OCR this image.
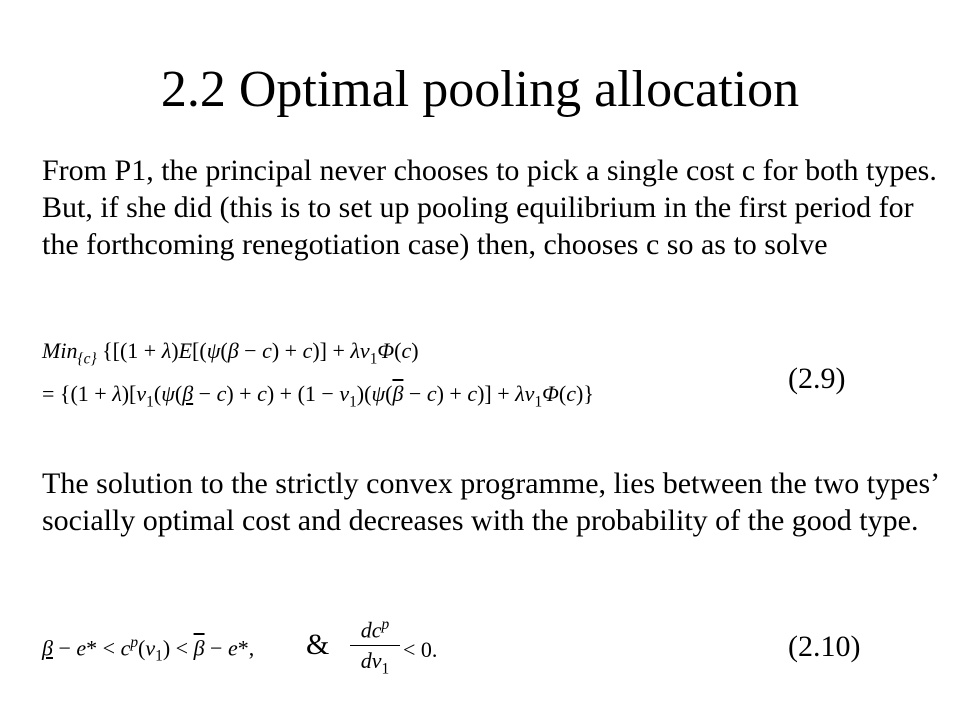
2.2 Optimal pooling allocation
From P1, the principal never chooses to pick a single cost c for both types. But, if she did (this is to set up pooling equilibrium in the first period for the forthcoming renegotiation case) then, chooses c so as to solve
Min$_{\{c\}}$ {[$(1 + \lambda)E[(\psi(\beta - c) + c)] + \lambda v_1\Phi(c)$
= $\{(1 + \lambda)[v_1(\psi(\beta - c) + c) + (1 - v_1)(\psi(\overline{\beta} - c) + c)] + \lambda v_1\Phi(c)\}$	(2.9)
The solution to the strictly convex programme, lies between the two types’ socially optimal cost and decreases with the probability of the good type.
$\beta - e* < c^p(v_1) < \overline{\beta} - e*$, &	$dc^p$
$dv_1$
< 0.	(2.10)
